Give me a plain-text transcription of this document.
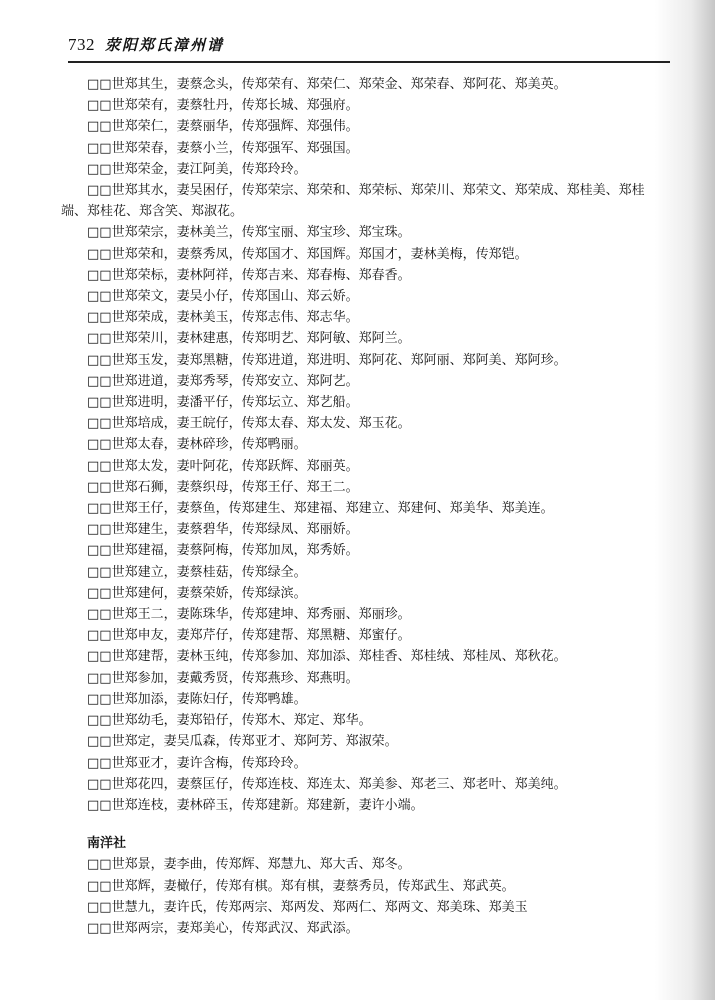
732 荥阳郑氏漳州谱
□□世郑其生，妻蔡念头，传郑荣有、郑荣仁、郑荣金、郑荣春、郑阿花、郑美英。
□□世郑荣有，妻蔡牡丹，传郑长城、郑强府。
□□世郑荣仁，妻蔡丽华，传郑强辉、郑强伟。
□□世郑荣春，妻蔡小兰，传郑强军、郑强国。
□□世郑荣金，妻江阿美，传郑玲玲。
□□世郑其水，妻吴困仔，传郑荣宗、郑荣和、郑荣标、郑荣川、郑荣文、郑荣成、郑桂美、郑桂
端、郑桂花、郑含笑、郑淑花。
□□世郑荣宗，妻林美兰，传郑宝丽、郑宝珍、郑宝珠。
□□世郑荣和，妻蔡秀凤，传郑国才、郑国辉。郑国才，妻林美梅，传郑铠。
□□世郑荣标，妻林阿祥，传郑吉来、郑春梅、郑春香。
□□世郑荣文，妻吴小仔，传郑国山、郑云娇。
□□世郑荣成，妻林美玉，传郑志伟、郑志华。
□□世郑荣川，妻林建惠，传郑明艺、郑阿敏、郑阿兰。
□□世郑玉发，妻郑黑糖，传郑进道，郑进明、郑阿花、郑阿丽、郑阿美、郑阿珍。
□□世郑进道，妻郑秀琴，传郑安立、郑阿艺。
□□世郑进明，妻潘平仔，传郑坛立、郑艺船。
□□世郑培成，妻王皖仔，传郑太春、郑太发、郑玉花。
□□世郑太春，妻林碎珍，传郑鸭丽。
□□世郑太发，妻叶阿花，传郑跃辉、郑丽英。
□□世郑石狮，妻蔡织母，传郑王仔、郑王二。
□□世郑王仔，妻蔡鱼，传郑建生、郑建福、郑建立、郑建何、郑美华、郑美连。
□□世郑建生，妻蔡碧华，传郑绿凤、郑丽娇。
□□世郑建福，妻蔡阿梅，传郑加凤，郑秀娇。
□□世郑建立，妻蔡桂菇，传郑绿全。
□□世郑建何，妻蔡荣娇，传郑绿滨。
□□世郑王二，妻陈珠华，传郑建坤、郑秀丽、郑丽珍。
□□世郑申友，妻郑芹仔，传郑建帮、郑黑糖、郑蜜仔。
□□世郑建帮，妻林玉纯，传郑参加、郑加添、郑桂香、郑桂绒、郑桂凤、郑秋花。
□□世郑参加，妻戴秀贤，传郑燕珍、郑燕明。
□□世郑加添，妻陈妇仔，传郑鸭雄。
□□世郑幼毛，妻郑铅仔，传郑木、郑定、郑华。
□□世郑定，妻吴瓜森，传郑亚才、郑阿芳、郑淑荣。
□□世郑亚才，妻许含梅，传郑玲玲。
□□世郑花四，妻蔡匡仔，传郑连枝、郑连太、郑美参、郑老三、郑老叶、郑美纯。
□□世郑连枝，妻林碎玉，传郑建新。郑建新，妻许小端。
南洋社
□□世郑景，妻李曲，传郑辉、郑慧九、郑大舌、郑冬。
□□世郑辉，妻橄仔，传郑有棋。郑有棋，妻蔡秀员，传郑武生、郑武英。
□□世慧九，妻许氏，传郑两宗、郑两发、郑两仁、郑两文、郑美珠、郑美玉
□□世郑两宗，妻郑美心，传郑武汉、郑武添。
